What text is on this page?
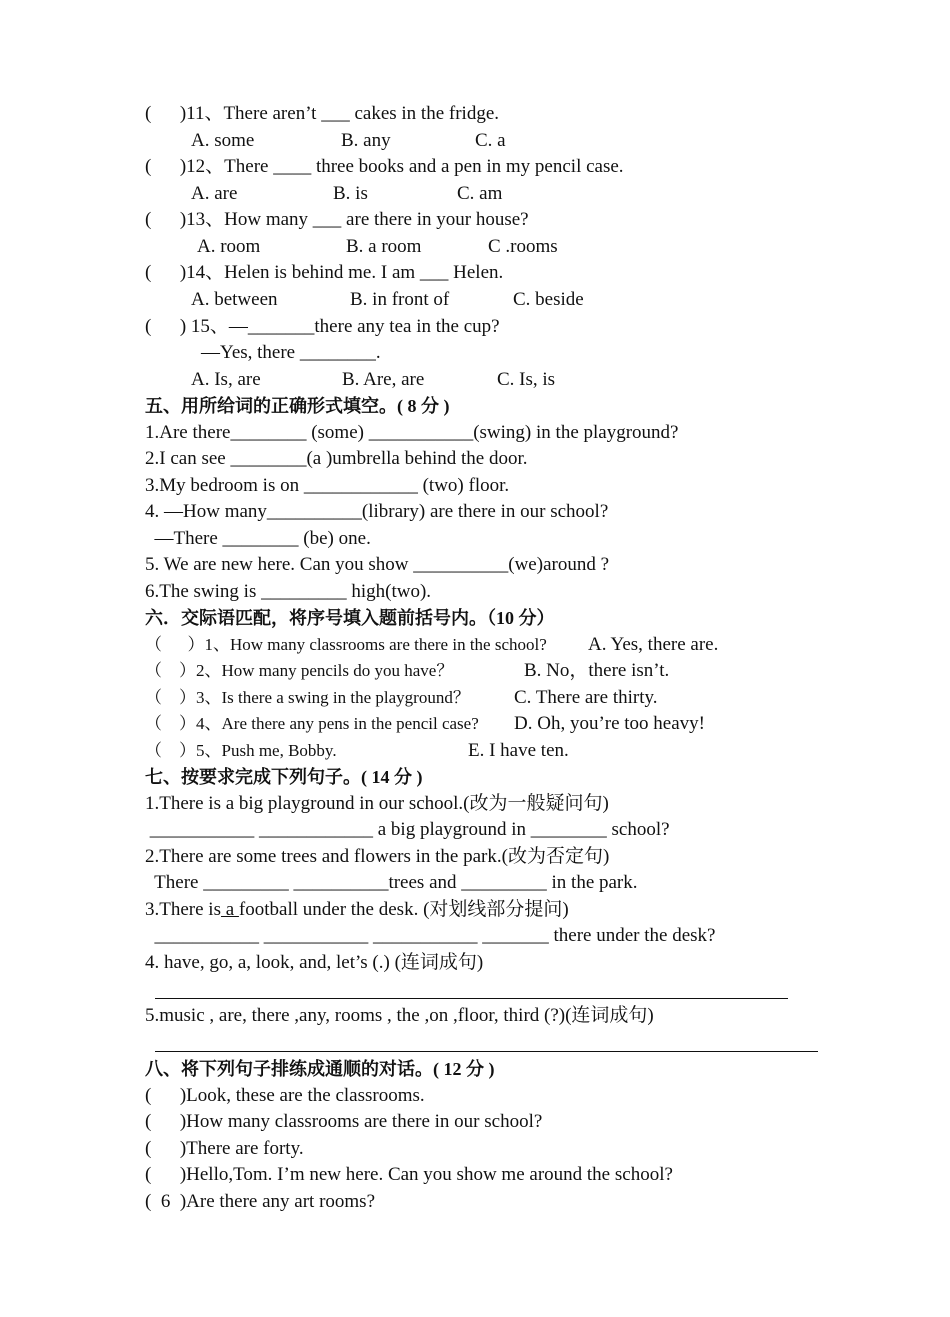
(      )11、There aren’t ___ cakes in the fridge.
A. some	B. any	C. a
(      )12、There ____ three books and a pen in my pencil case.
A. are	B. is	C. am
(      )13、How many ___ are there in your house?
A. room	B. a room	C .rooms
(      )14、Helen is behind me. I am ___ Helen.
A. between	B. in front of	C. beside
(      ) 15、—_______there any tea in the cup?
—Yes, there ________.
A. Is, are	B. Are, are	C. Is, is
五、用所给词的正确形式填空。( 8 分 )
1.Are there________ (some) ___________(swing) in the playground?
2.I can see ________(a )umbrella behind the door.
3.My bedroom is on ____________ (two) floor.
4. —How many__________(library) are there in our school?
—There ________ (be) one.
5. We are new here. Can you show __________(we)around ?
6.The swing is _________ high(two).
六．交际语匹配，将序号填入题前括号内。（10 分）
（      ）1、How many classrooms are there in the school? A. Yes, there are.
（    ）2、How many pencils do you have？	B. No，there isn’t.
（    ）3、Is there a swing in the playground？ C. There are thirty.
（    ）4、Are there any pens in the pencil case? D. Oh, you’re too heavy!
（    ）5、Push me, Bobby.	E. I have ten.
七、按要求完成下列句子。( 14 分 )
1.There is a big playground in our school.(改为一般疑问句)
___________ ____________ a big playground in ________ school?
2.There are some trees and flowers in the park.(改为否定句)
There _________ __________trees and _________ in the park.
3.There is a football under the desk. (对划线部分提问)
___________ ___________ ___________ _______ there under the desk?
4. have, go, a, look, and, let’s (.) (连词成句)
5.music , are, there ,any, rooms , the ,on ,floor, third (?)(连词成句)
八、将下列句子排练成通顺的对话。( 12 分 )
(      )Look, these are the classrooms.
(      )How many classrooms are there in our school?
(      )There are forty.
(      )Hello,Tom. I’m new here. Can you show me around the school?
(  6  )Are there any art rooms?
